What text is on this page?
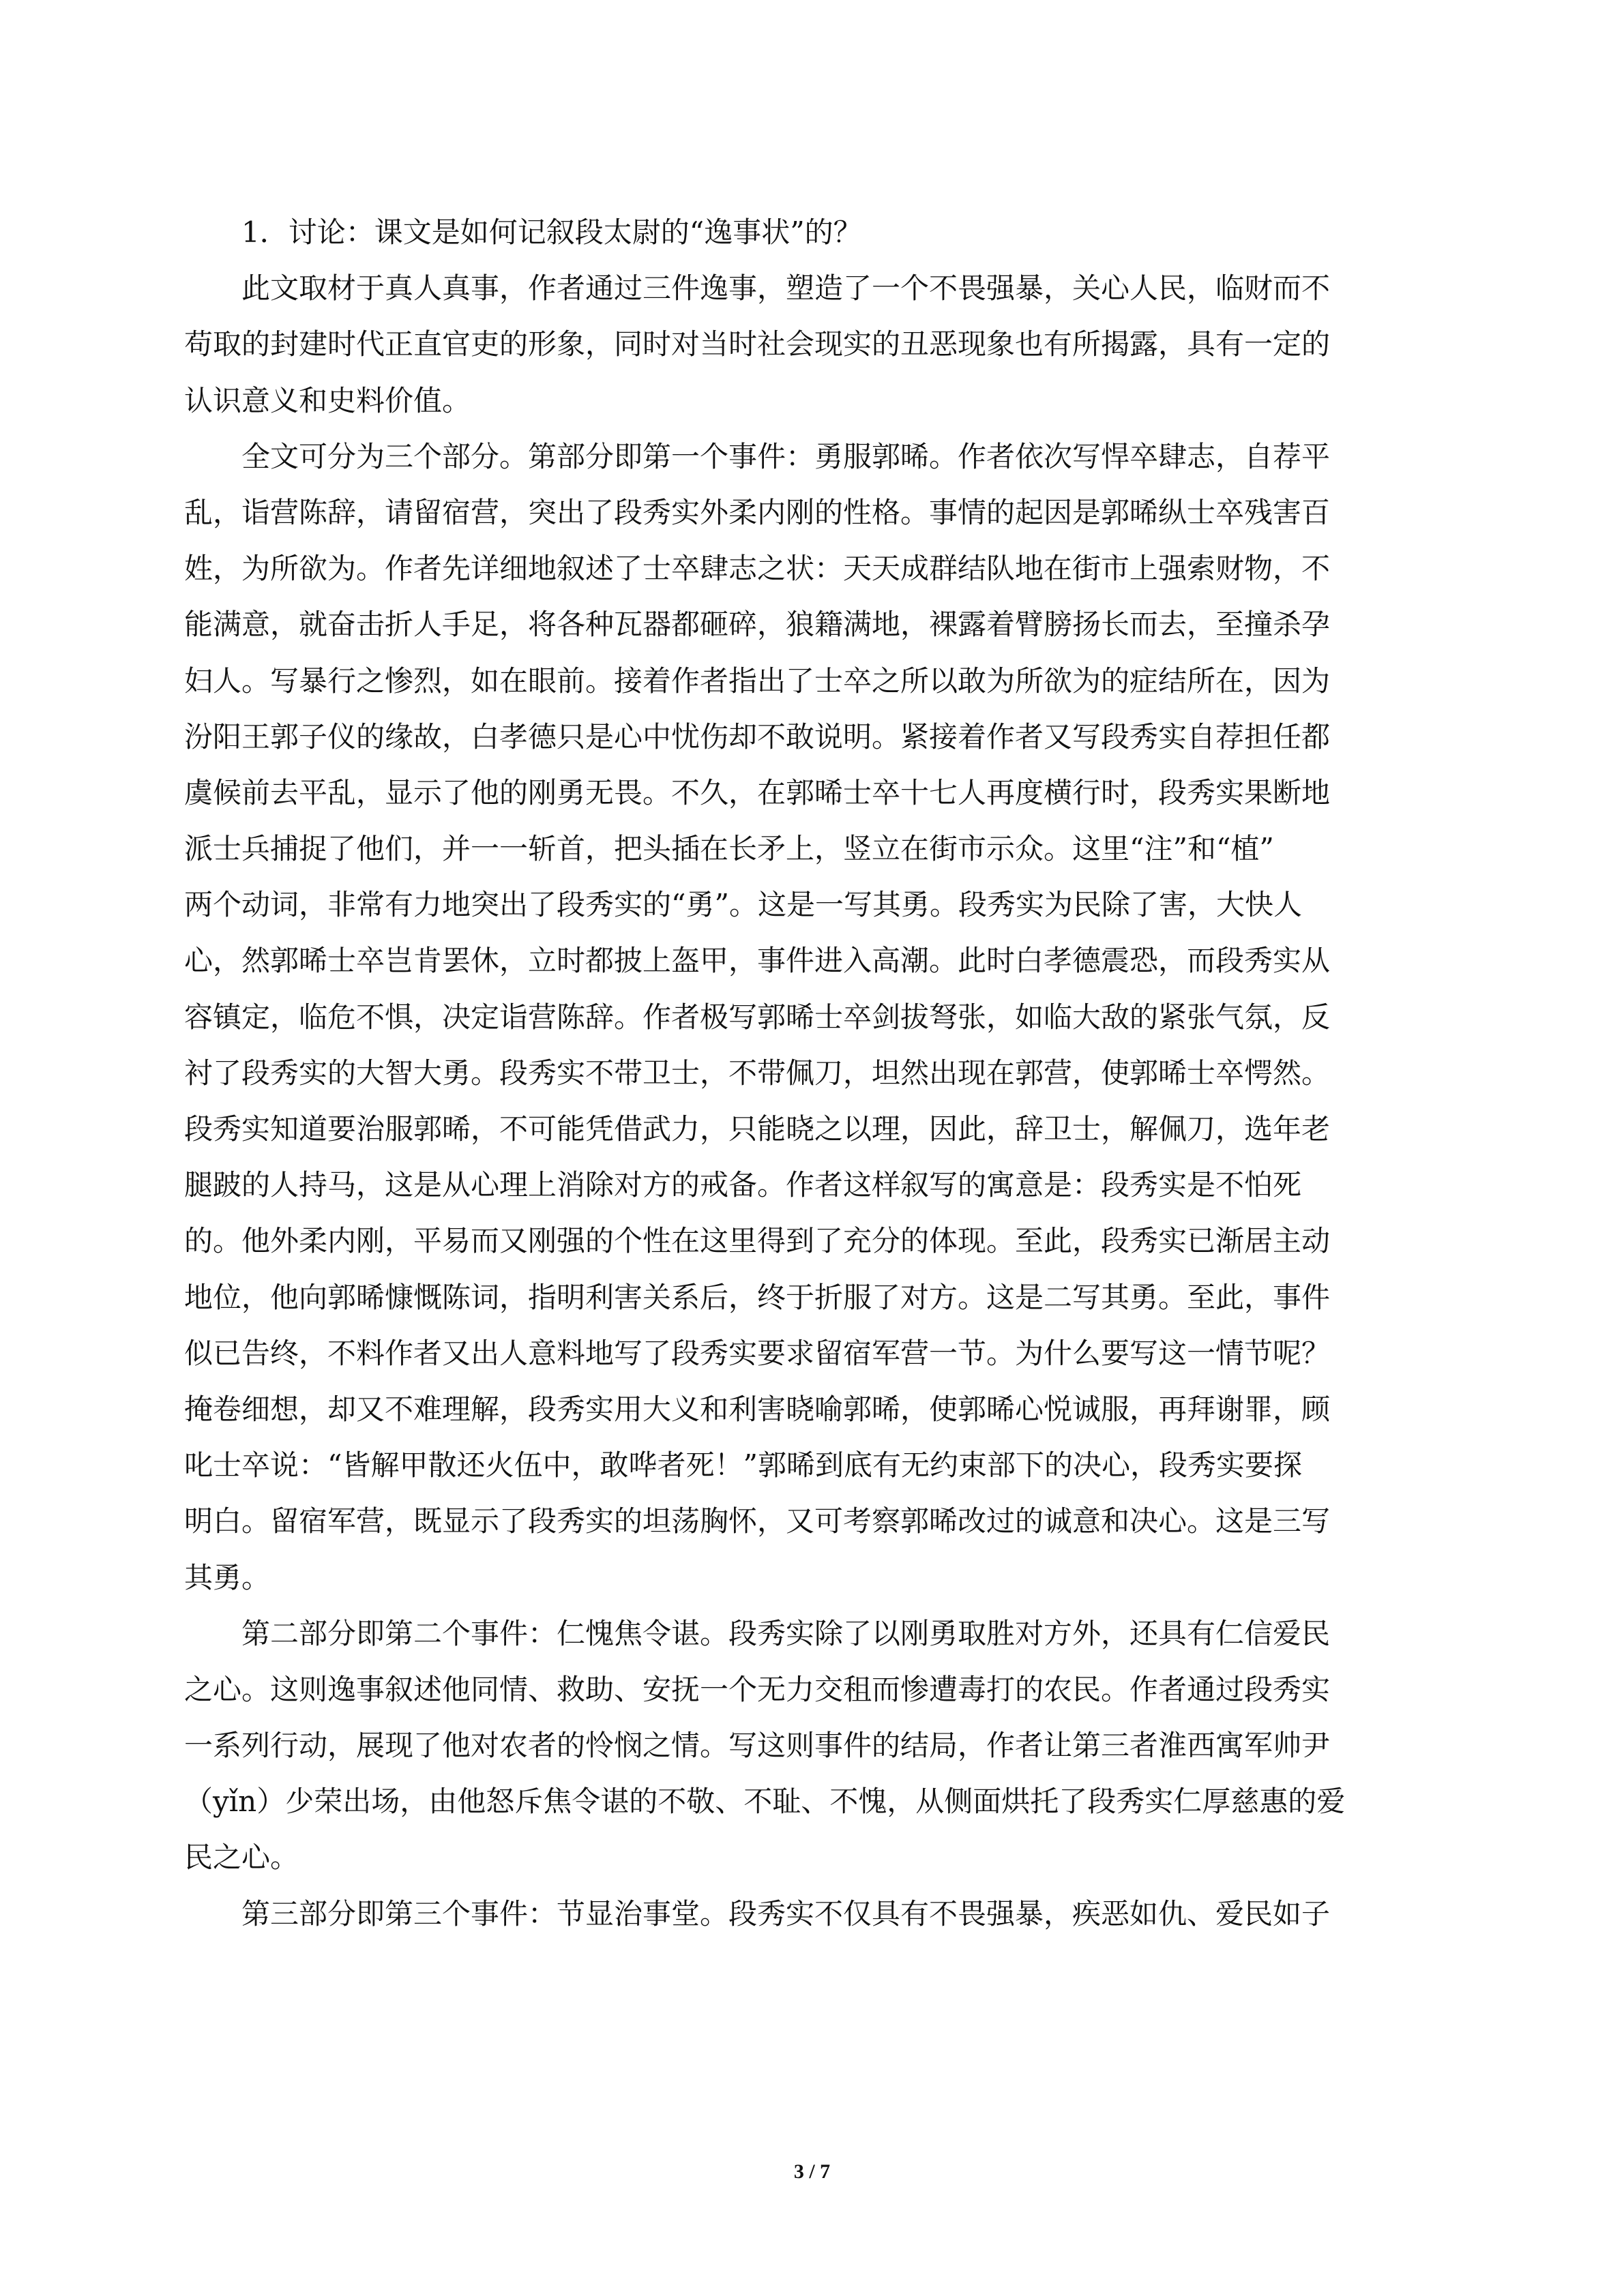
1．讨论：课文是如何记叙段太尉的“逸事状”的？
此文取材于真人真事，作者通过三件逸事，塑造了一个不畏强暴，关心人民，临财而不
苟取的封建时代正直官吏的形象，同时对当时社会现实的丑恶现象也有所揭露，具有一定的
认识意义和史料价值。
全文可分为三个部分。第部分即第一个事件：勇服郭晞。作者依次写悍卒肆志，自荐平
乱，诣营陈辞，请留宿营，突出了段秀实外柔内刚的性格。事情的起因是郭晞纵士卒残害百
姓，为所欲为。作者先详细地叙述了士卒肆志之状：天天成群结队地在街市上强索财物，不
能满意，就奋击折人手足，将各种瓦器都砸碎，狼籍满地，裸露着臂膀扬长而去，至撞杀孕
妇人。写暴行之惨烈，如在眼前。接着作者指出了士卒之所以敢为所欲为的症结所在，因为
汾阳王郭子仪的缘故，白孝德只是心中忧伤却不敢说明。紧接着作者又写段秀实自荐担任都
虞候前去平乱，显示了他的刚勇无畏。不久，在郭晞士卒十七人再度横行时，段秀实果断地
派士兵捕捉了他们，并一一斩首，把头插在长矛上，竖立在街市示众。这里“注”和“植”
两个动词，非常有力地突出了段秀实的“勇”。这是一写其勇。段秀实为民除了害，大快人
心，然郭晞士卒岂肯罢休，立时都披上盔甲，事件进入高潮。此时白孝德震恐，而段秀实从
容镇定，临危不惧，决定诣营陈辞。作者极写郭晞士卒剑拔弩张，如临大敌的紧张气氛，反
衬了段秀实的大智大勇。段秀实不带卫士，不带佩刀，坦然出现在郭营，使郭晞士卒愕然。
段秀实知道要治服郭晞，不可能凭借武力，只能晓之以理，因此，辞卫士，解佩刀，选年老
腿跛的人持马，这是从心理上消除对方的戒备。作者这样叙写的寓意是：段秀实是不怕死
的。他外柔内刚，平易而又刚强的个性在这里得到了充分的体现。至此，段秀实已渐居主动
地位，他向郭晞慷慨陈词，指明利害关系后，终于折服了对方。这是二写其勇。至此，事件
似已告终，不料作者又出人意料地写了段秀实要求留宿军营一节。为什么要写这一情节呢？
掩卷细想，却又不难理解，段秀实用大义和利害晓喻郭晞，使郭晞心悦诚服，再拜谢罪，顾
叱士卒说：“皆解甲散还火伍中，敢哗者死！”郭晞到底有无约束部下的决心，段秀实要探
明白。留宿军营，既显示了段秀实的坦荡胸怀，又可考察郭晞改过的诚意和决心。这是三写
其勇。
第二部分即第二个事件：仁愧焦令谌。段秀实除了以刚勇取胜对方外，还具有仁信爱民
之心。这则逸事叙述他同情、救助、安抚一个无力交租而惨遭毒打的农民。作者通过段秀实
一系列行动，展现了他对农者的怜悯之情。写这则事件的结局，作者让第三者淮西寓军帅尹
（yǐn）少荣出场，由他怒斥焦令谌的不敬、不耻、不愧，从侧面烘托了段秀实仁厚慈惠的爱
民之心。
第三部分即第三个事件：节显治事堂。段秀实不仅具有不畏强暴，疾恶如仇、爱民如子
3 / 7
